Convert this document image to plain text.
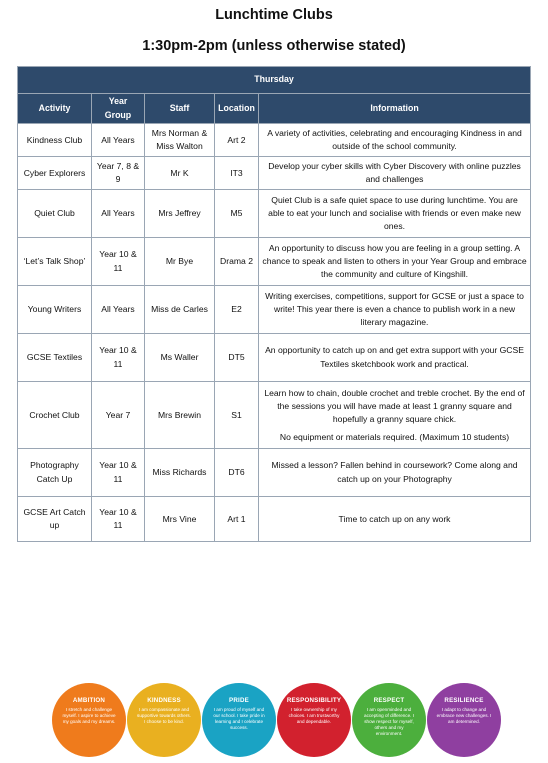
Lunchtime Clubs
1:30pm-2pm (unless otherwise stated)
Thursday				
Activity	Year Group	Staff	Location	Information
Kindness Club	All Years	Mrs Norman & Miss Walton	Art 2	A variety of activities, celebrating and encouraging Kindness in and outside of the school community.
Cyber Explorers	Year 7, 8 & 9	Mr K	IT3	Develop your cyber skills with Cyber Discovery with online puzzles and challenges
Quiet Club	All Years	Mrs Jeffrey	M5	Quiet Club is a safe quiet space to use during lunchtime. You are able to eat your lunch and socialise with friends or even make new ones.
‘Let’s Talk Shop’	Year 10 & 11	Mr Bye	Drama 2	An opportunity to discuss how you are feeling in a group setting. A chance to speak and listen to others in your Year Group and embrace the community and culture of Kingshill.
Young Writers	All Years	Miss de Carles	E2	Writing exercises, competitions, support for GCSE or just a space to write! This year there is even a chance to publish work in a new literary magazine.
GCSE Textiles	Year 10 & 11	Ms Waller	DT5	An opportunity to catch up on and get extra support with your GCSE Textiles sketchbook work and practical.
Crochet Club	Year 7	Mrs Brewin	S1	Learn how to chain, double crochet and treble crochet. By the end of the sessions you will have made at least 1 granny square and hopefully a granny square chick.
No equipment or materials required. (Maximum 10 students)

Photography Catch Up	Year 10 & 11	Miss Richards	DT6	Missed a lesson? Fallen behind in coursework? Come along and catch up on your Photography
GCSE Art Catch up	Year 10 & 11	Mrs Vine	Art 1	Time to catch up on any work
AMBITION
I stretch and challenge myself. I aspire to achieve my goals and my dreams.
KINDNESS
I am compassionate and supportive towards others. I choose to be kind.
PRIDE
I am proud of myself and our school. I take pride in learning and I celebrate success.
RESPONSIBILITY
I take ownership of my choices. I am trustworthy and dependable.
RESPECT
I am openminded and accepting of difference. I show respect for myself, others and my environment.
RESILIENCE
I adapt to change and embrace new challenges. I am determined.
